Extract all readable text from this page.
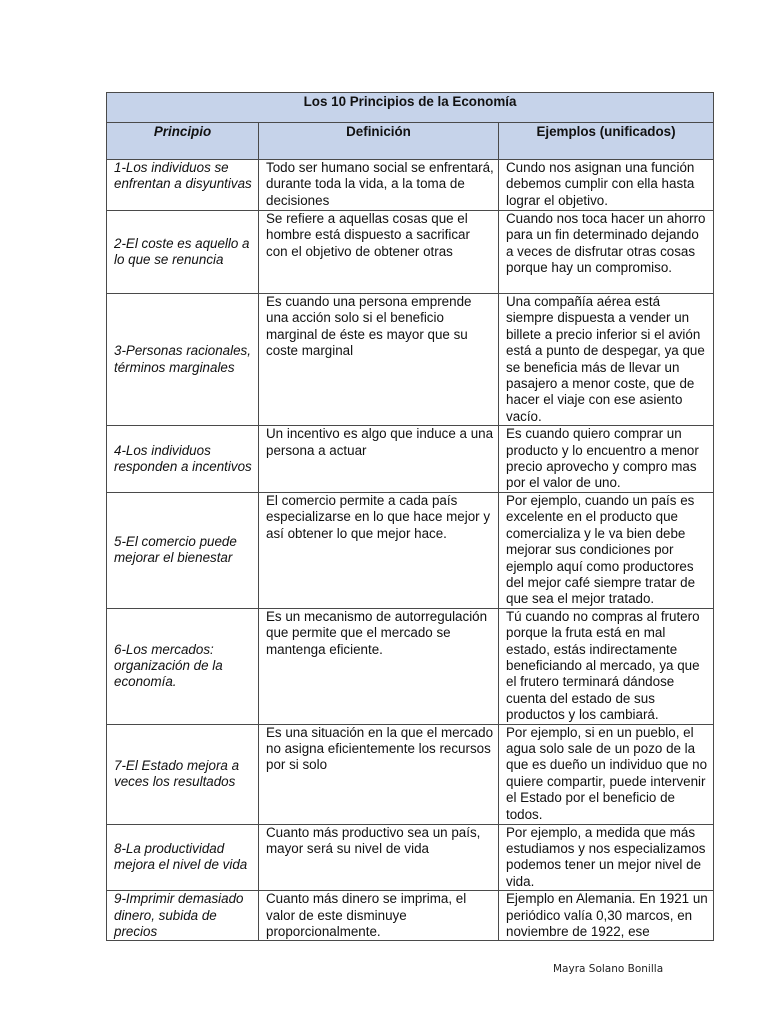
Los 10 Principios de la Economía		
Principio	Definición	Ejemplos (unificados)
1-Los individuos se enfrentan a disyuntivas	Todo ser humano social se enfrentará, durante toda la vida, a la toma de decisiones	Cundo nos asignan una función debemos cumplir con ella hasta lograr el objetivo.
2-El coste es aquello a lo que se renuncia	Se refiere a aquellas cosas que el hombre está dispuesto a sacrificar con el objetivo de obtener otras	Cuando nos toca hacer un ahorro para un fin determinado dejando a veces de disfrutar otras cosas porque hay un compromiso.
3-Personas racionales, términos marginales	Es cuando una persona emprende una acción solo si el beneficio marginal de éste es mayor que su coste marginal	Una compañía aérea está siempre dispuesta a vender un billete a precio inferior si el avión está a punto de despegar, ya que se beneficia más de llevar un pasajero a menor coste, que de hacer el viaje con ese asiento vacío.
4-Los individuos responden a incentivos	Un incentivo es algo que induce a una persona a actuar	Es cuando quiero comprar un producto y lo encuentro a menor precio aprovecho y compro mas por el valor de uno.
5-El comercio puede mejorar el bienestar	El comercio permite a cada país especializarse en lo que hace mejor y así obtener lo que mejor hace.	Por ejemplo, cuando un país es excelente en el producto que comercializa y le va bien debe mejorar sus condiciones por ejemplo aquí como productores del mejor café siempre tratar de que sea el mejor tratado.
6-Los mercados: organización de la economía.	Es un mecanismo de autorregulación que permite que el mercado se mantenga eficiente.	Tú cuando no compras al frutero porque la fruta está en mal estado, estás indirectamente beneficiando al mercado, ya que el frutero terminará dándose cuenta del estado de sus productos y los cambiará.
7-El Estado mejora a veces los resultados	Es una situación en la que el mercado no asigna eficientemente los recursos por si solo	Por ejemplo, si en un pueblo, el agua solo sale de un pozo de la que es dueño un individuo que no quiere compartir, puede intervenir el Estado por el beneficio de todos.
8-La productividad mejora el nivel de vida	Cuanto más productivo sea un país, mayor será su nivel de vida	Por ejemplo, a medida que más estudiamos y nos especializamos podemos tener un mejor nivel de vida.
9-Imprimir demasiado dinero, subida de precios	Cuanto más dinero se imprima, el valor de este disminuye proporcionalmente.	Ejemplo en Alemania. En 1921 un periódico valía 0,30 marcos, en noviembre de 1922, ese
Mayra Solano Bonilla
